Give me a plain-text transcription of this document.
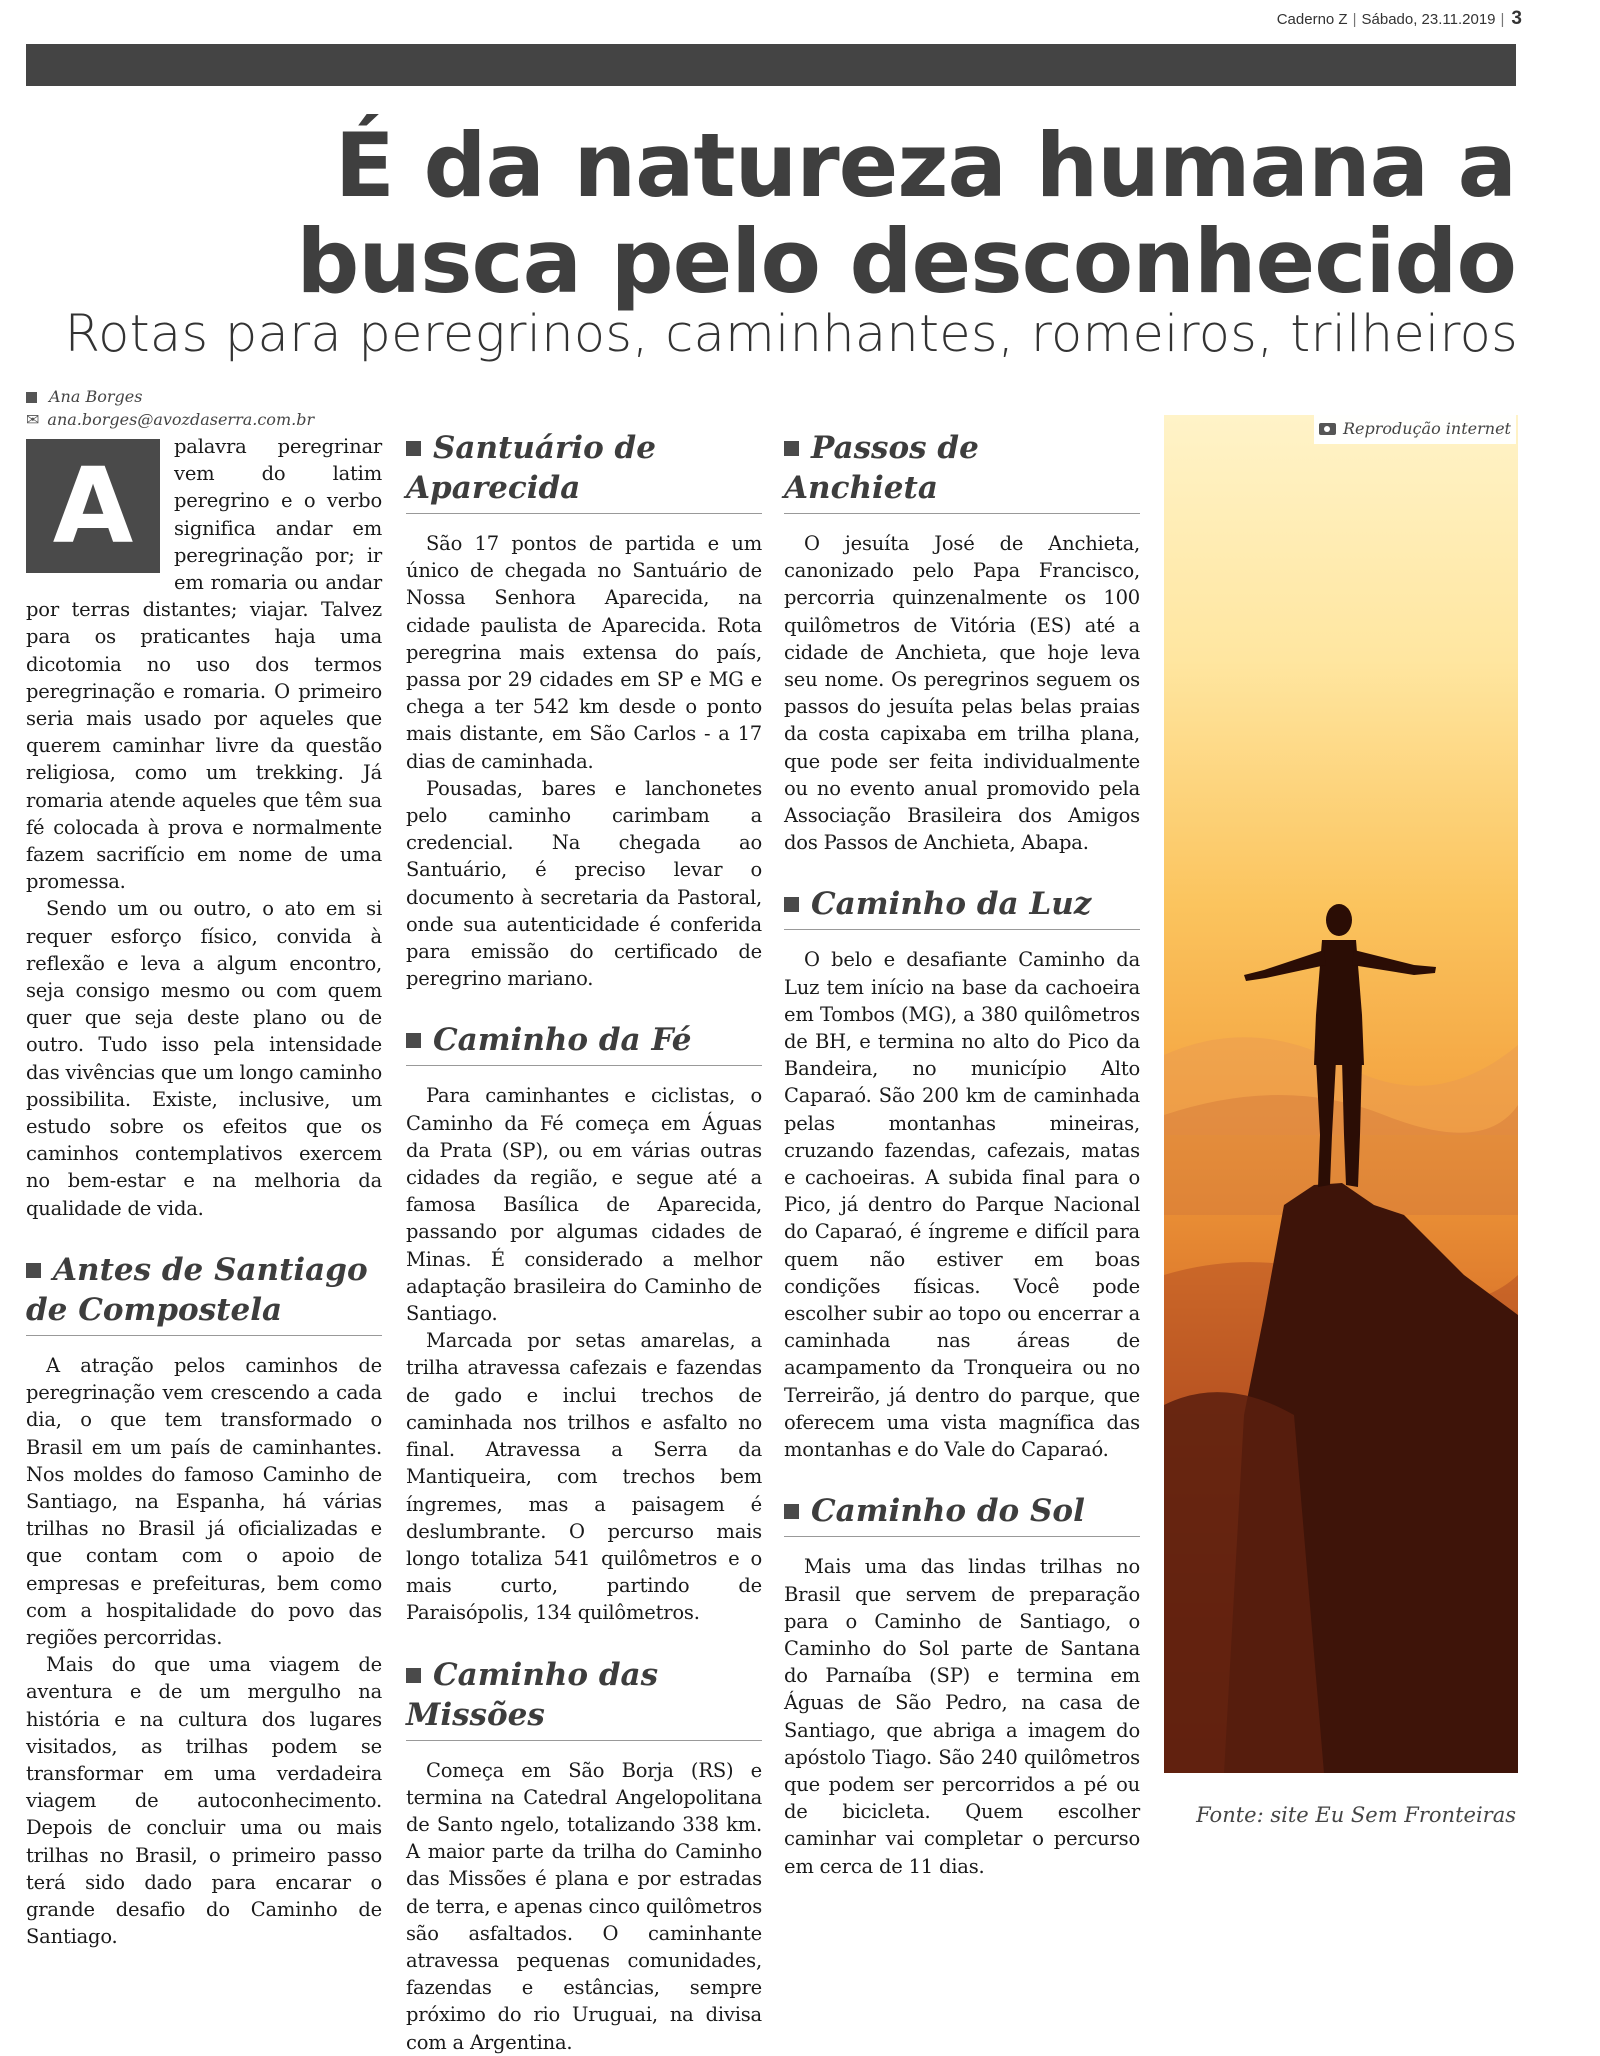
Caderno Z | Sábado, 23.11.2019 | 3
É da natureza humana a busca pelo desconhecido
Rotas para peregrinos, caminhantes, romeiros, trilheiros
Ana Borges
✉ ana.borges@avozdaserra.com.br
A	palavra peregrinar vem do latim peregrino e o verbo significa andar em peregrinação por; ir em romaria ou andar por terras distantes; viajar. Talvez para os praticantes haja uma dicotomia no uso dos termos peregrinação e romaria. O primeiro seria mais usado por aqueles que querem caminhar livre da questão religiosa, como um trekking. Já romaria atende aqueles que têm sua fé colocada à prova e normalmente fazem sacrifício em nome de uma promessa.

Sendo um ou outro, o ato em si requer esforço físico, convida à reflexão e leva a algum encontro, seja consigo mesmo ou com quem quer que seja deste plano ou de outro. Tudo isso pela intensidade das vivências que um longo caminho possibilita. Existe, inclusive, um estudo sobre os efeitos que os caminhos contemplativos exercem no bem-estar e na melhoria da qualidade de vida.

Antes de Santiago de Compostela

A atração pelos caminhos de peregrinação vem crescendo a cada dia, o que tem transformado o Brasil em um país de caminhantes. Nos moldes do famoso Caminho de Santiago, na Espanha, há várias trilhas no Brasil já oficializadas e que contam com o apoio de empresas e prefeituras, bem como com a hospitalidade do povo das regiões percorridas.

Mais do que uma viagem de aventura e de um mergulho na história e na cultura dos lugares visitados, as trilhas podem se transformar em uma verdadeira viagem de autoconhecimento. Depois de concluir uma ou mais trilhas no Brasil, o primeiro passo terá sido dado para encarar o grande desafio do Caminho de Santiago.

Santuário de Aparecida

São 17 pontos de partida e um único de chegada no Santuário de Nossa Senhora Aparecida, na cidade paulista de Aparecida. Rota peregrina mais extensa do país, passa por 29 cidades em SP e MG e chega a ter 542 km desde o ponto mais distante, em São Carlos - a 17 dias de caminhada.

Pousadas, bares e lanchonetes pelo caminho carimbam a credencial. Na chegada ao Santuário, é preciso levar o documento à secretaria da Pastoral, onde sua autenticidade é conferida para emissão do certificado de peregrino mariano.

Caminho da Fé

Para caminhantes e ciclistas, o Caminho da Fé começa em Águas da Prata (SP), ou em várias outras cidades da região, e segue até a famosa Basílica de Aparecida, passando por algumas cidades de Minas. É considerado a melhor adaptação brasileira do Caminho de Santiago.

Marcada por setas amarelas, a trilha atravessa cafezais e fazendas de gado e inclui trechos de caminhada nos trilhos e asfalto no final. Atravessa a Serra da Mantiqueira, com trechos bem íngremes, mas a paisagem é deslumbrante. O percurso mais longo totaliza 541 quilômetros e o mais curto, partindo de Paraisópolis, 134 quilômetros.

Caminho das Missões

Começa em São Borja (RS) e termina na Catedral Angelopolitana de Santo ngelo, totalizando 338 km. A maior parte da trilha do Caminho das Missões é plana e por estradas de terra, e apenas cinco quilômetros são asfaltados. O caminhante atravessa pequenas comunidades, fazendas e estâncias, sempre próximo do rio Uruguai, na divisa com a Argentina.

Passos de Anchieta

O jesuíta José de Anchieta, canonizado pelo Papa Francisco, percorria quinzenalmente os 100 quilômetros de Vitória (ES) até a cidade de Anchieta, que hoje leva seu nome. Os peregrinos seguem os passos do jesuíta pelas belas praias da costa capixaba em trilha plana, que pode ser feita individualmente ou no evento anual promovido pela Associação Brasileira dos Amigos dos Passos de Anchieta, Abapa.

Caminho da Luz

O belo e desafiante Caminho da Luz tem início na base da cachoeira em Tombos (MG), a 380 quilômetros de BH, e termina no alto do Pico da Bandeira, no município Alto Caparaó. São 200 km de caminhada pelas montanhas mineiras, cruzando fazendas, cafezais, matas e cachoeiras. A subida final para o Pico, já dentro do Parque Nacional do Caparaó, é íngreme e difícil para quem não estiver em boas condições físicas. Você pode escolher subir ao topo ou encerrar a caminhada nas áreas de acampamento da Tronqueira ou no Terreirão, já dentro do parque, que oferecem uma vista magnífica das montanhas e do Vale do Caparaó.

Caminho do Sol

Mais uma das lindas trilhas no Brasil que servem de preparação para o Caminho de Santiago, o Caminho do Sol parte de Santana do Parnaíba (SP) e termina em Águas de São Pedro, na casa de Santiago, que abriga a imagem do apóstolo Tiago. São 240 quilômetros que podem ser percorridos a pé ou de bicicleta. Quem escolher caminhar vai completar o percurso em cerca de 11 dias.

Reprodução internet
Fonte: site Eu Sem Fronteiras
